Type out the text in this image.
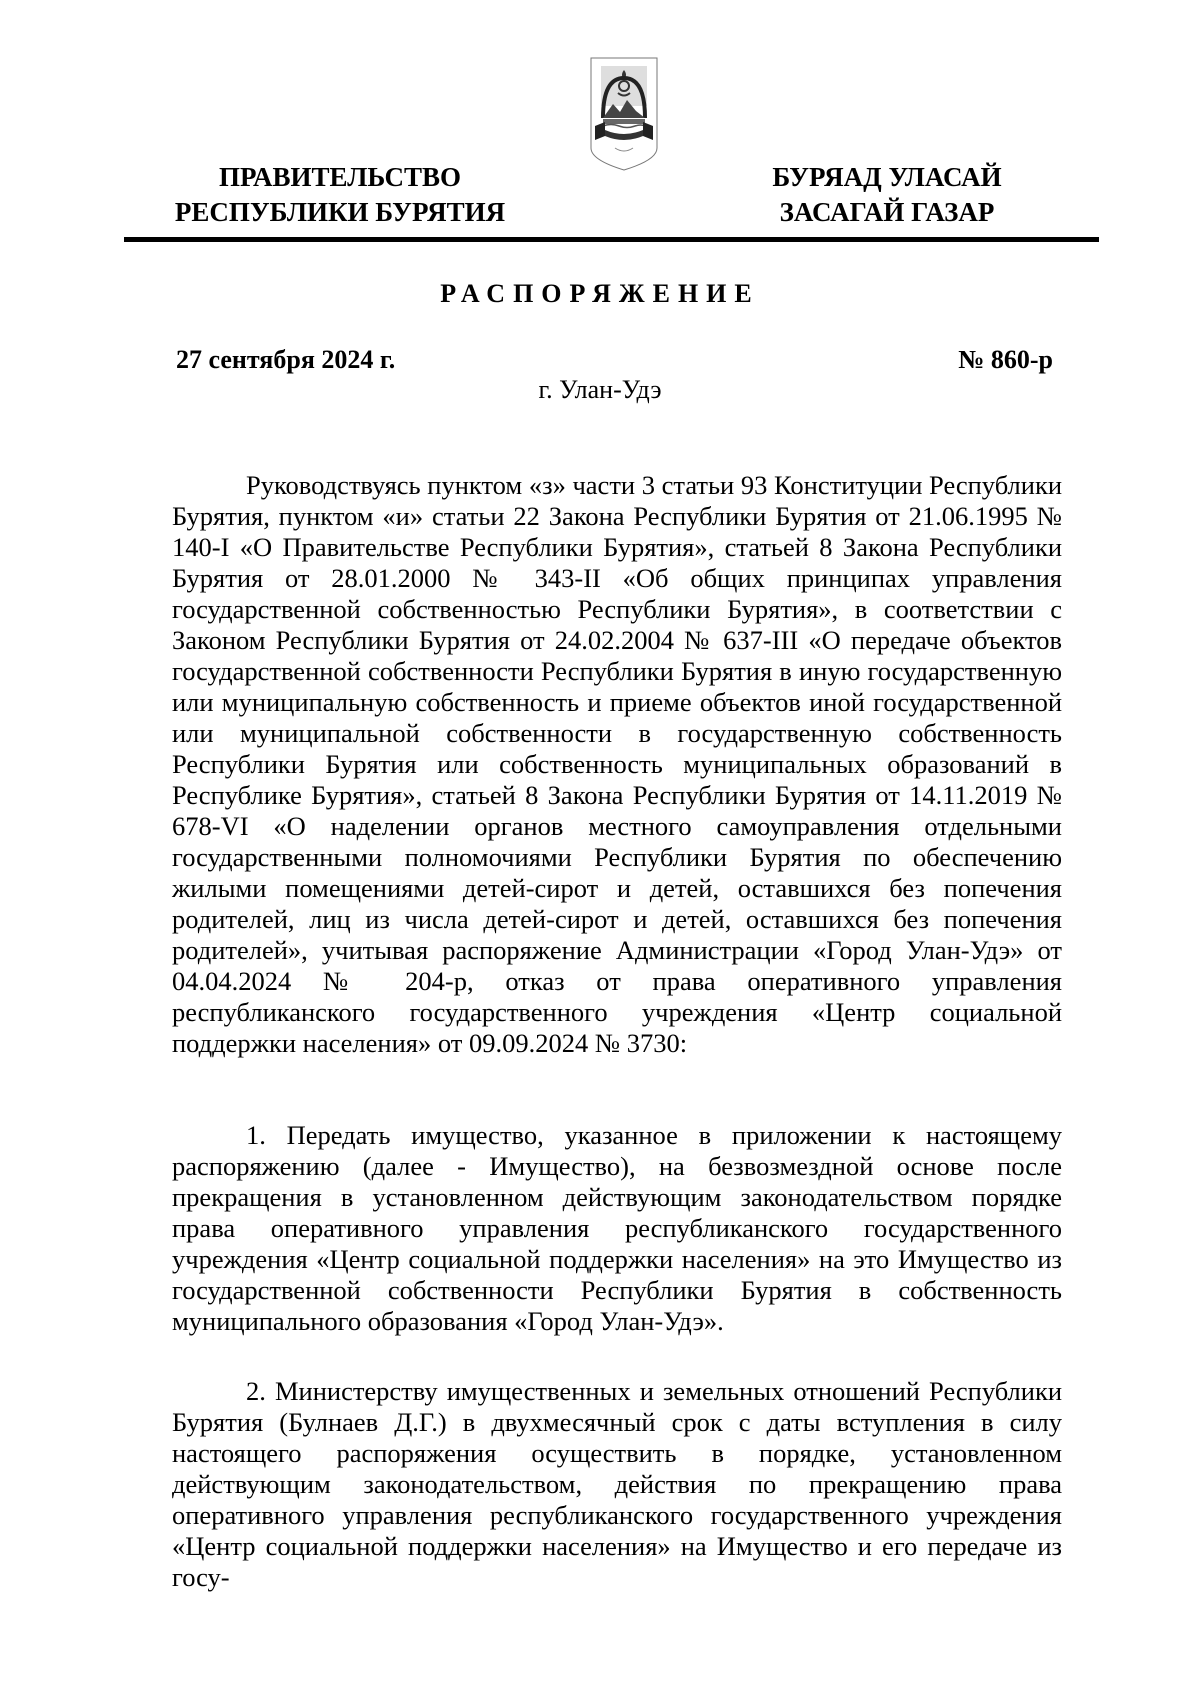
ПРАВИТЕЛЬСТВО
РЕСПУБЛИКИ БУРЯТИЯ
БУРЯАД УЛАСАЙ
ЗАСАГАЙ ГАЗАР
РАСПОРЯЖЕНИЕ
27 сентября 2024 г.	№ 860-р
г. Улан-Удэ

Руководствуясь пунктом «з» части 3 статьи 93 Конституции Республики Бурятия, пунктом «и» статьи 22 Закона Республики Бурятия от 21.06.1995 № 140-I «О Правительстве Республики Бурятия», статьей 8 Закона Республики Бурятия от 28.01.2000 № 343-II «Об общих принципах управления государственной собственностью Республики Бурятия», в соответствии с Законом Республики Бурятия от 24.02.2004 № 637-III «О передаче объектов государственной собственности Республики Бурятия в иную государственную или муниципальную собственность и приеме объектов иной государственной или муниципальной собственности в государственную собственность Республики Бурятия или собственность муниципальных образований в Республике Бурятия», статьей 8 Закона Республики Бурятия от 14.11.2019 № 678-VI «О наделении органов местного самоуправления отдельными государственными полномочиями Республики Бурятия по обеспечению жилыми помещениями детей-сирот и детей, оставшихся без попечения родителей, лиц из числа детей-сирот и детей, оставшихся без попечения родителей», учитывая распоряжение Администрации «Город Улан-Удэ» от 04.04.2024 № 204-р, отказ от права оперативного управления республиканского государственного учреждения «Центр социальной поддержки населения» от 09.09.2024 № 3730:

1. Передать имущество, указанное в приложении к настоящему распоряжению (далее - Имущество), на безвозмездной основе после прекращения в установленном действующим законодательством порядке права оперативного управления республиканского государственного учреждения «Центр социальной поддержки населения» на это Имущество из государственной собственности Республики Бурятия в собственность муниципального образования «Город Улан-Удэ».

2. Министерству имущественных и земельных отношений Республики Бурятия (Булнаев Д.Г.) в двухмесячный срок с даты вступления в силу настоящего распоряжения осуществить в порядке, установленном действующим законодательством, действия по прекращению права оперативного управления республиканского государственного учреждения «Центр социальной поддержки населения» на Имущество и его передаче из госу-
